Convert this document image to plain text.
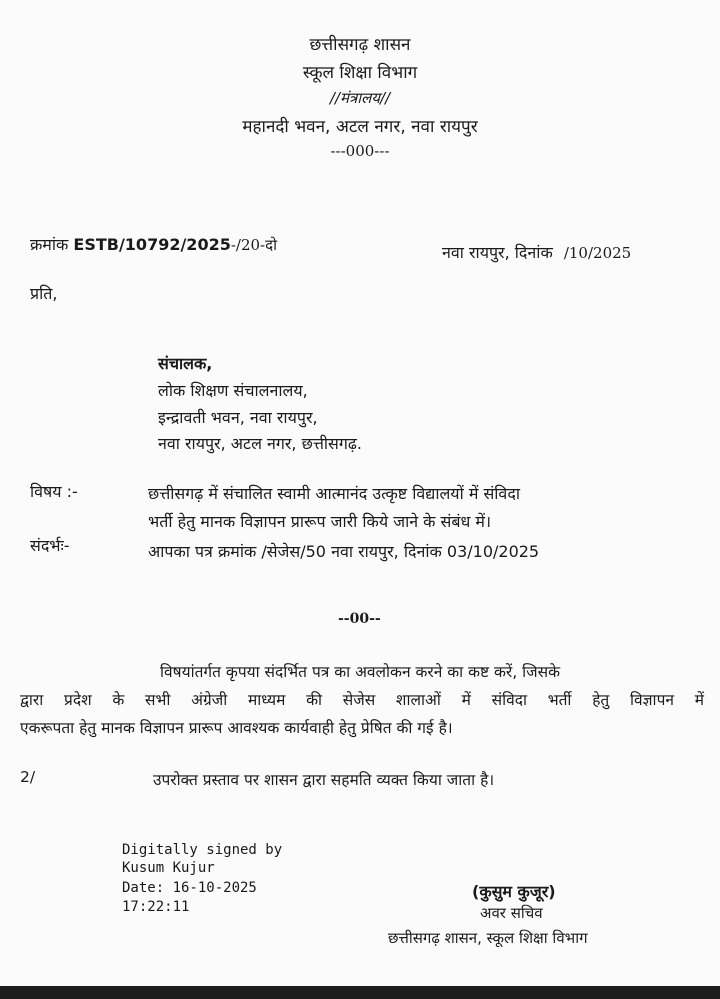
छत्तीसगढ़ शासन
स्कूल शिक्षा विभाग
//मंत्रालय//
महानदी भवन, अटल नगर, नवा रायपुर
---000---
क्रमांक ESTB/10792/2025-/20-दो	नवा रायपुर, दिनांक /10/2025
प्रति,
संचालक,
लोक शिक्षण संचालनालय,
इन्द्रावती भवन, नवा रायपुर,
नवा रायपुर, अटल नगर, छत्तीसगढ़.
विषय :-	छत्तीसगढ़ में संचालित स्वामी आत्मानंद उत्कृष्ट विद्यालयों में संविदा
भर्ती हेतु मानक विज्ञापन प्रारूप जारी किये जाने के संबंध में।
संदर्भः-	आपका पत्र क्रमांक /सेजेस/50 नवा रायपुर, दिनांक 03/10/2025
--00--
विषयांतर्गत कृपया संदर्भित पत्र का अवलोकन करने का कष्ट करें, जिसके
द्वारा प्रदेश के सभी अंग्रेजी माध्यम की सेजेस शालाओं में संविदा भर्ती हेतु विज्ञापन में
एकरूपता हेतु मानक विज्ञापन प्रारूप आवश्यक कार्यवाही हेतु प्रेषित की गई है।
2/	उपरोक्त प्रस्ताव पर शासन द्वारा सहमति व्यक्त किया जाता है।
Digitally signed by
Kusum Kujur
Date: 16-10-2025
17:22:11
(कुसुम कुजूर)
अवर सचिव
छत्तीसगढ़ शासन, स्कूल शिक्षा विभाग
